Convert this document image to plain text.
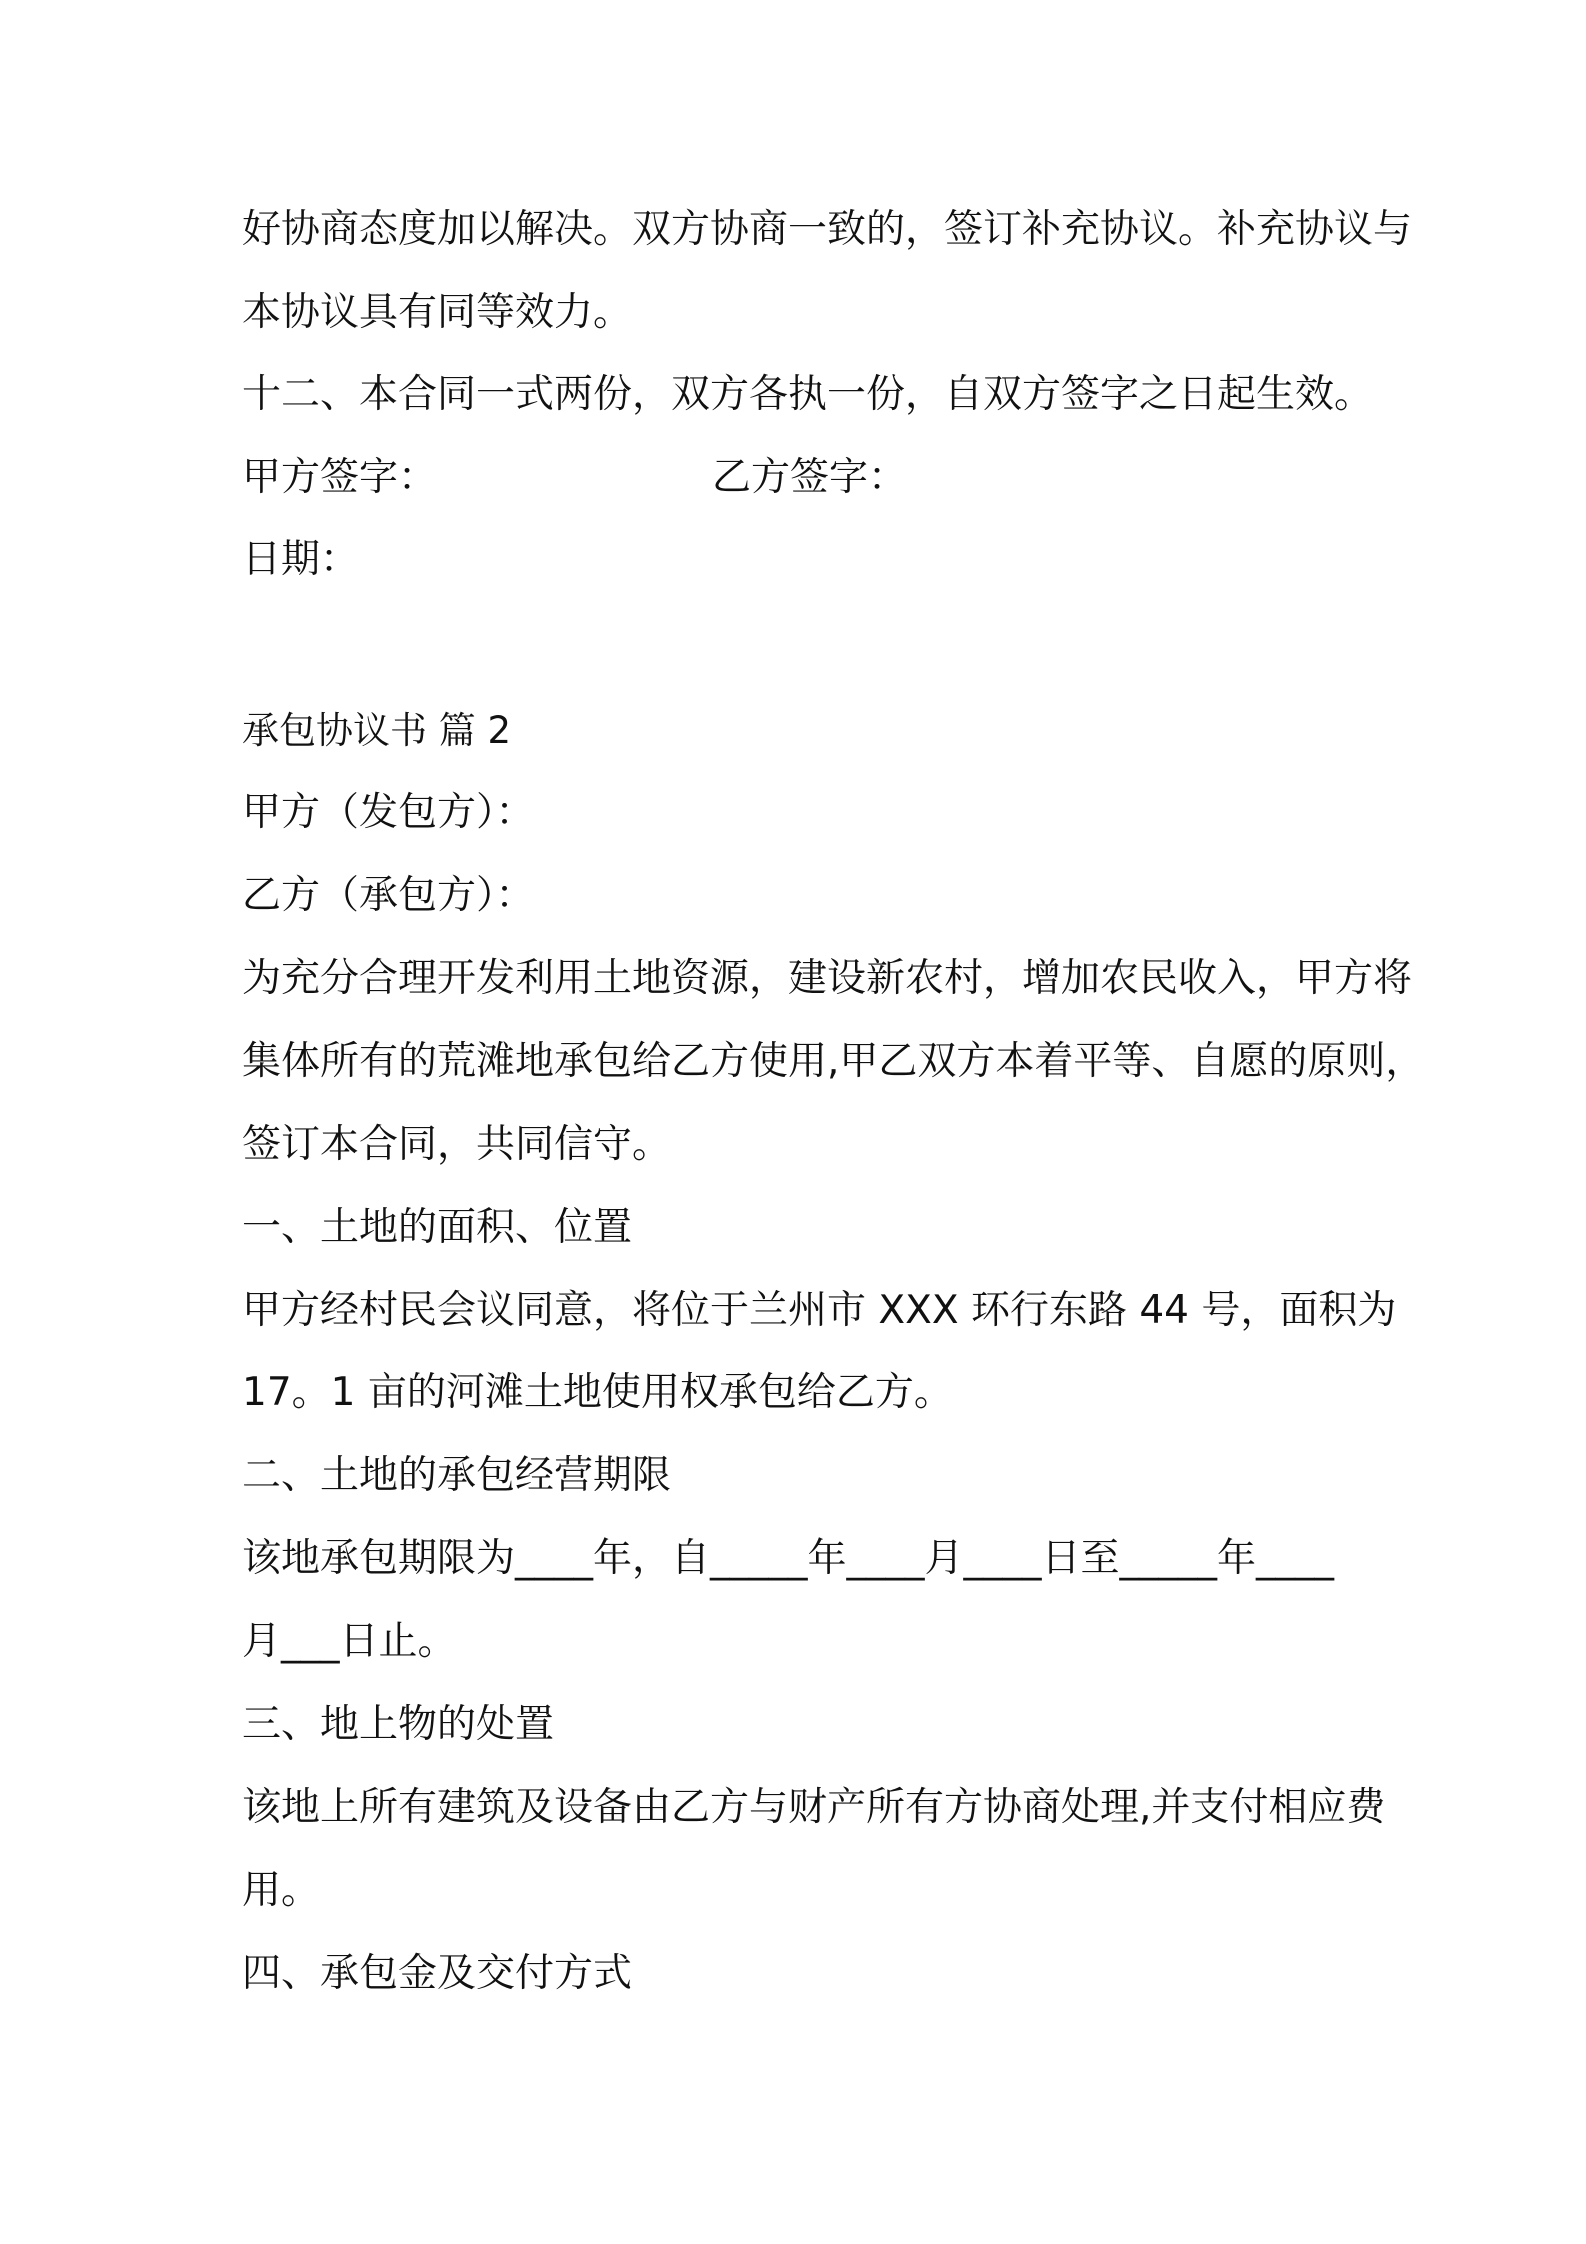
好协商态度加以解决。双方协商一致的，签订补充协议。补充协议与
本协议具有同等效力。
十二、本合同一式两份，双方各执一份，自双方签字之日起生效。
甲方签字：	乙方签字：
日期：
承包协议书 篇 2
甲方（发包方）：
乙方（承包方）：
为充分合理开发利用土地资源，建设新农村，增加农民收入，甲方将
集体所有的荒滩地承包给乙方使用,甲乙双方本着平等、自愿的原则，
签订本合同，共同信守。
一、土地的面积、位置
甲方经村民会议同意，将位于兰州市 XXX 环行东路 44 号，面积为
17。1 亩的河滩土地使用权承包给乙方。
二、土地的承包经营期限
该地承包期限为____年，自_____年____月____日至_____年____
月___日止。
三、地上物的处置
该地上所有建筑及设备由乙方与财产所有方协商处理,并支付相应费
用。
四、承包金及交付方式
